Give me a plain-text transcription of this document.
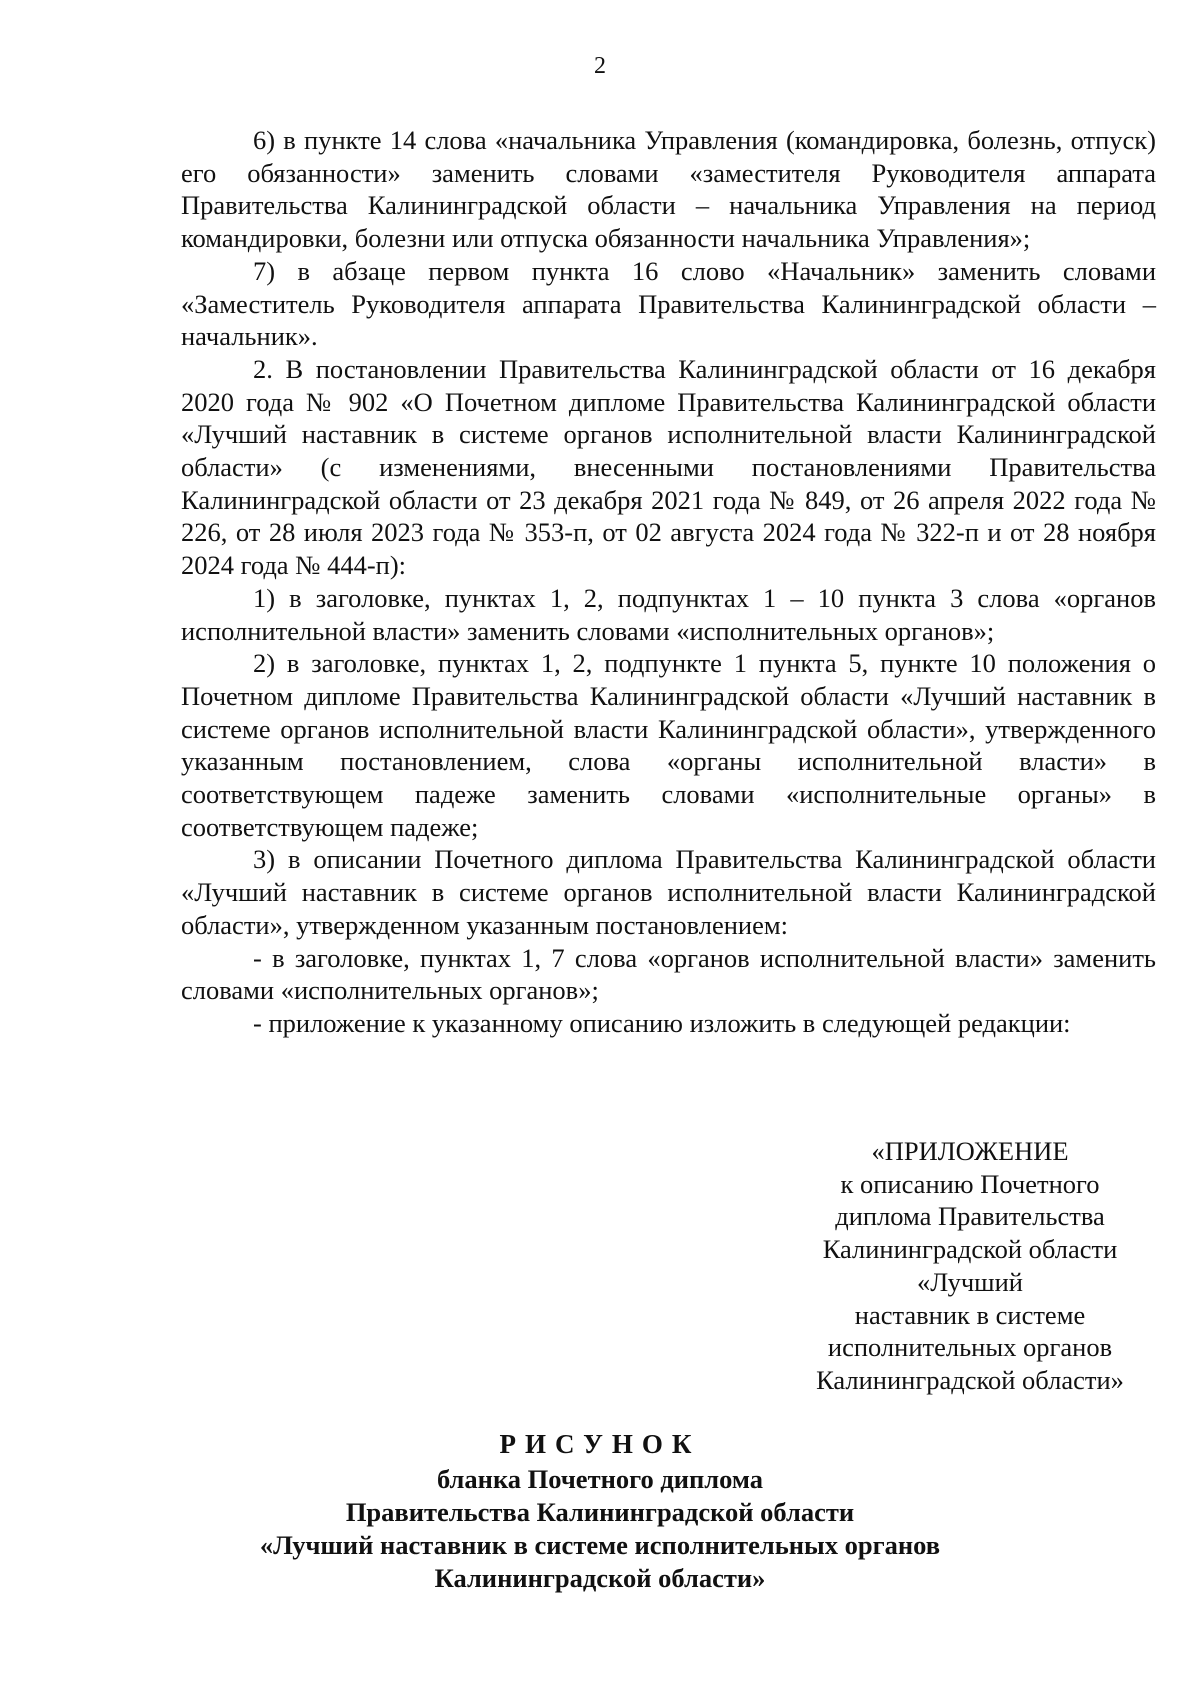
2

6) в пункте 14 слова «начальника Управления (командировка, болезнь, отпуск) его обязанности» заменить словами «заместителя Руководителя аппарата Правительства Калининградской области – начальника Управления на период командировки, болезни или отпуска обязанности начальника Управления»;

7) в абзаце первом пункта 16 слово «Начальник» заменить словами «Заместитель Руководителя аппарата Правительства Калининградской области – начальник».

2. В постановлении Правительства Калининградской области от 16 декабря 2020 года № 902 «О Почетном дипломе Правительства Калининградской области «Лучший наставник в системе органов исполнительной власти Калининградской области» (с изменениями, внесенными постановлениями Правительства Калининградской области от 23 декабря 2021 года № 849, от 26 апреля 2022 года № 226, от 28 июля 2023 года № 353-п, от 02 августа 2024 года № 322-п и от 28 ноября 2024 года № 444-п):

1) в заголовке, пунктах 1, 2, подпунктах 1 – 10 пункта 3 слова «органов исполнительной власти» заменить словами «исполнительных органов»;

2) в заголовке, пунктах 1, 2, подпункте 1 пункта 5, пункте 10 положения о Почетном дипломе Правительства Калининградской области «Лучший наставник в системе органов исполнительной власти Калининградской области», утвержденного указанным постановлением, слова «органы исполнительной власти» в соответствующем падеже заменить словами «исполнительные органы» в соответствующем падеже;

3) в описании Почетного диплома Правительства Калининградской области «Лучший наставник в системе органов исполнительной власти Калининградской области», утвержденном указанным постановлением:

- в заголовке, пунктах 1, 7 слова «органов исполнительной власти» заменить словами «исполнительных органов»;

- приложение к указанному описанию изложить в следующей редакции:

«ПРИЛОЖЕНИЕ
к описанию Почетного
диплома Правительства
Калининградской области
«Лучший
наставник в системе
исполнительных органов
Калининградской области»
РИСУНОК
бланка Почетного диплома
Правительства Калининградской области
«Лучший наставник в системе исполнительных органов
Калининградской области»
